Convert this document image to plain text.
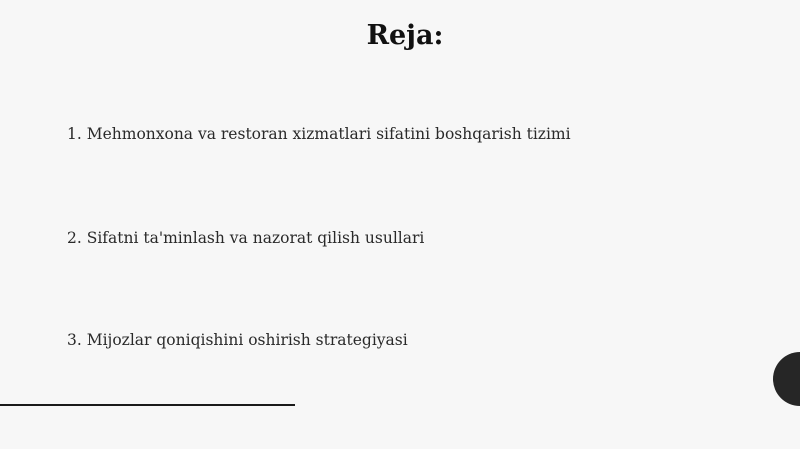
Reja:
1. Mehmonxona va restoran xizmatlari sifatini boshqarish tizimi
2. Sifatni ta'minlash va nazorat qilish usullari
3. Mijozlar qoniqishini oshirish strategiyasi
